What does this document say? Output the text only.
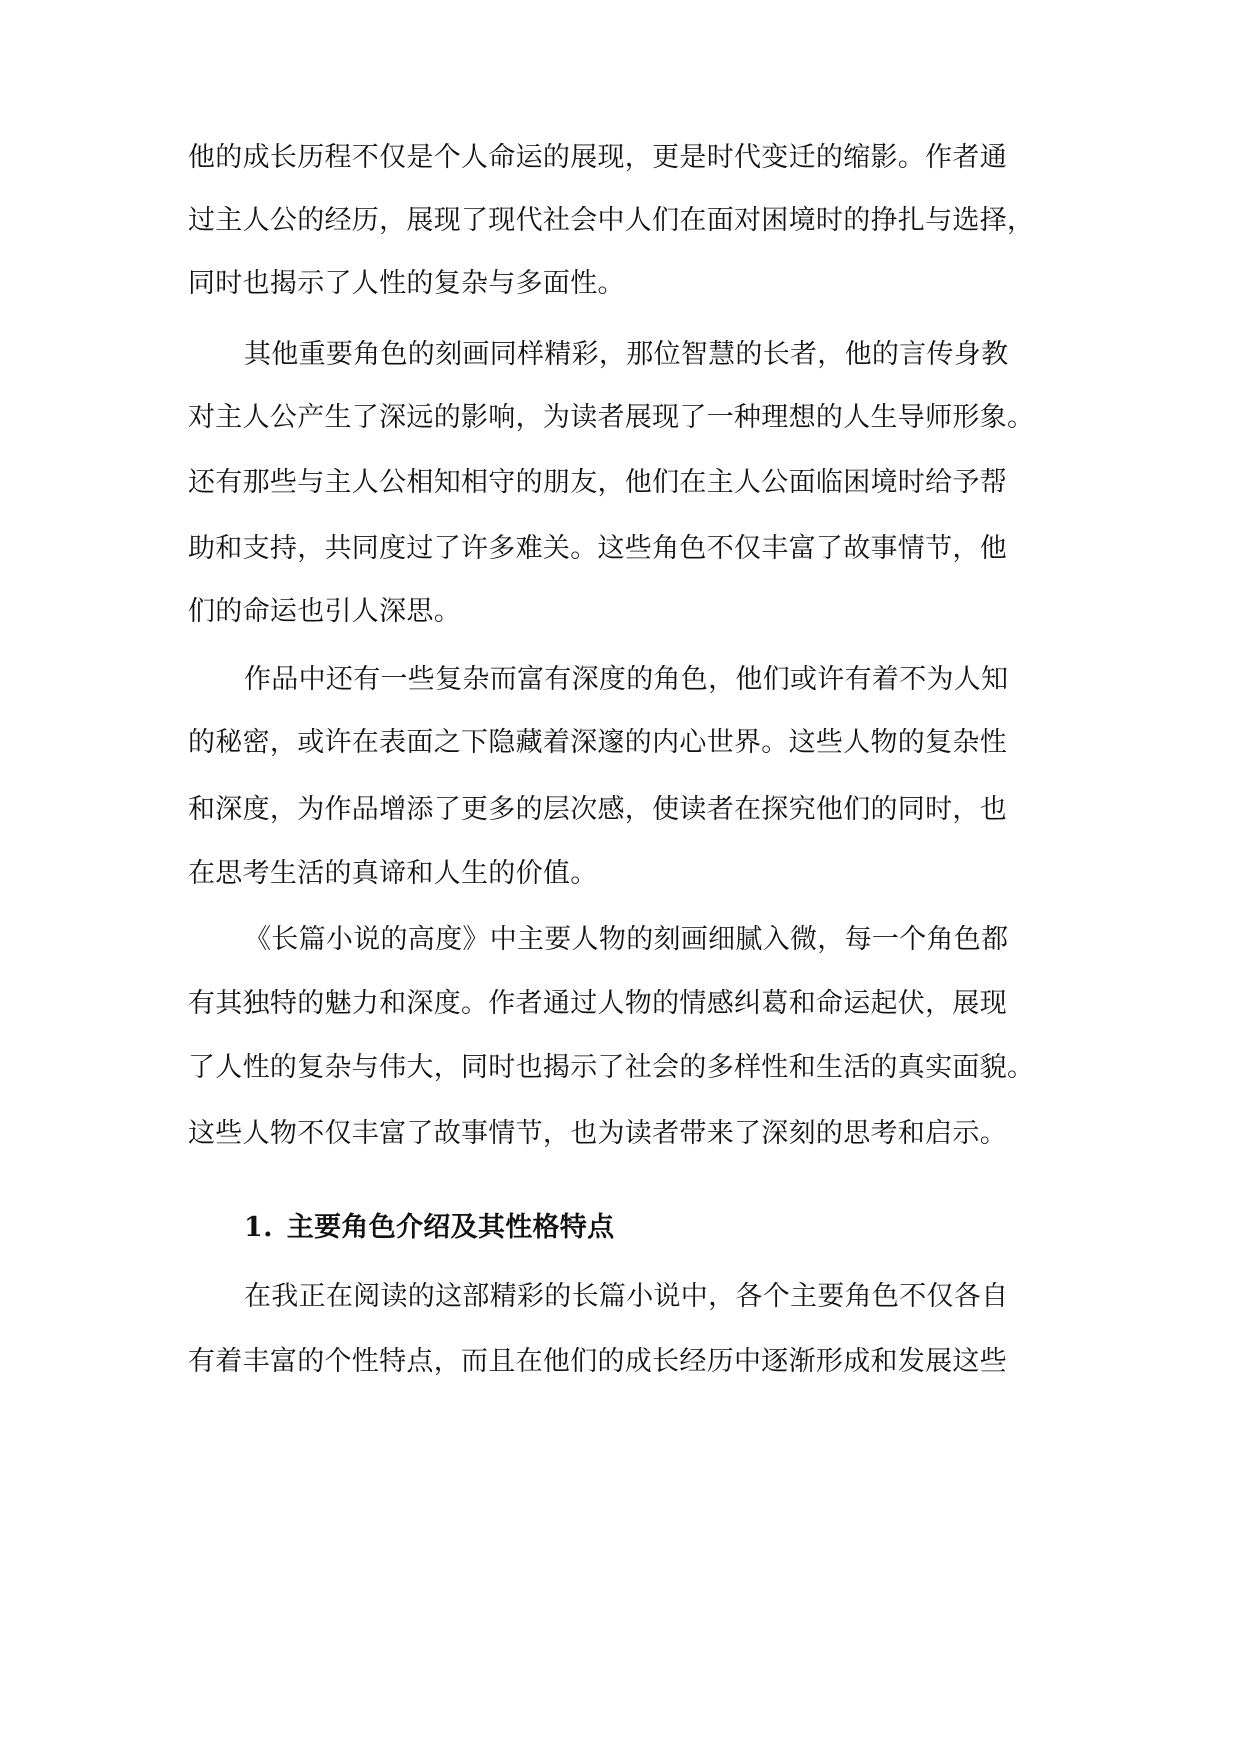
他的成长历程不仅是个人命运的展现，更是时代变迁的缩影。作者通
过主人公的经历，展现了现代社会中人们在面对困境时的挣扎与选择，
同时也揭示了人性的复杂与多面性。
其他重要角色的刻画同样精彩，那位智慧的长者，他的言传身教
对主人公产生了深远的影响，为读者展现了一种理想的人生导师形象。
还有那些与主人公相知相守的朋友，他们在主人公面临困境时给予帮
助和支持，共同度过了许多难关。这些角色不仅丰富了故事情节，他
们的命运也引人深思。
作品中还有一些复杂而富有深度的角色，他们或许有着不为人知
的秘密，或许在表面之下隐藏着深邃的内心世界。这些人物的复杂性
和深度，为作品增添了更多的层次感，使读者在探究他们的同时，也
在思考生活的真谛和人生的价值。
《长篇小说的高度》中主要人物的刻画细腻入微，每一个角色都
有其独特的魅力和深度。作者通过人物的情感纠葛和命运起伏，展现
了人性的复杂与伟大，同时也揭示了社会的多样性和生活的真实面貌。
这些人物不仅丰富了故事情节，也为读者带来了深刻的思考和启示。
1. 主要角色介绍及其性格特点
在我正在阅读的这部精彩的长篇小说中，各个主要角色不仅各自
有着丰富的个性特点，而且在他们的成长经历中逐渐形成和发展这些
